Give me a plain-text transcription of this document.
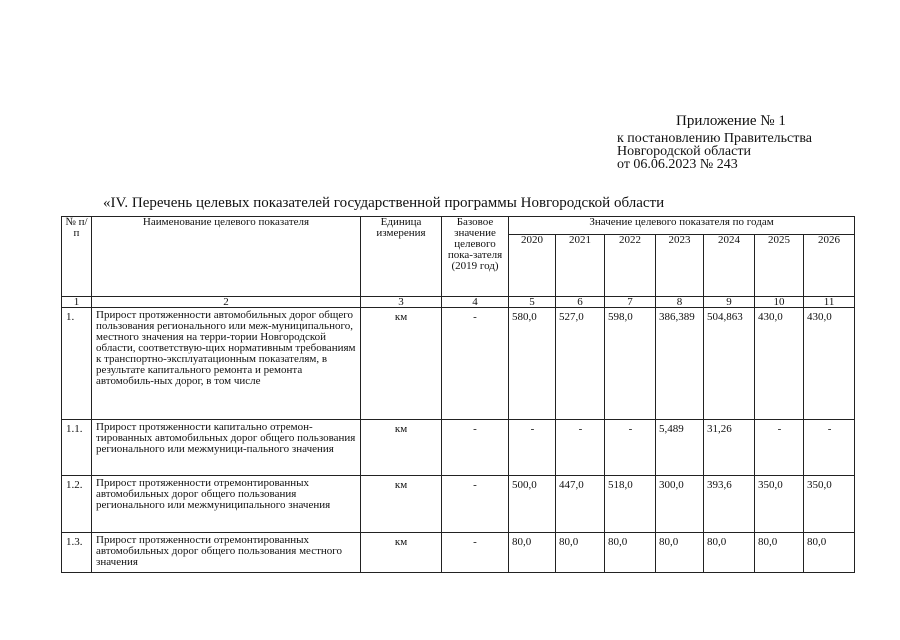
Приложение № 1
к постановлению Правительства
Новгородской области
от 06.06.2023 № 243
«IV. Перечень целевых показателей государственной программы Новгородской области
№ п/п	Наименование целевого показателя	Единица измерения	Базовое значение целевого пока-зателя (2019 год)	Значение целевого показателя по годам						
				2020	2021	2022	2023	2024	2025	2026
1	2	3	4	5	6	7	8	9	10	11
1.	Прирост протяженности автомобильных дорог общего пользования регионального или меж-муниципального, местного значения на терри-тории Новгородской области, соответствую-щих нормативным требованиям к транспортно-эксплуатационным показателям, в результате капитального ремонта и ремонта автомобиль-ных дорог, в том числе	км	-	580,0	527,0	598,0	386,389	504,863	430,0	430,0
1.1.	Прирост протяженности капитально отремон-тированных автомобильных дорог общего пользования регионального или межмуници-пального значения	км	-	-	-	-	5,489	31,26	-	-
1.2.	Прирост протяженности отремонтированных автомобильных дорог общего пользования регионального или межмуниципального значения	км	-	500,0	447,0	518,0	300,0	393,6	350,0	350,0
1.3.	Прирост протяженности отремонтированных автомобильных дорог общего пользования местного значения	км	-	80,0	80,0	80,0	80,0	80,0	80,0	80,0
